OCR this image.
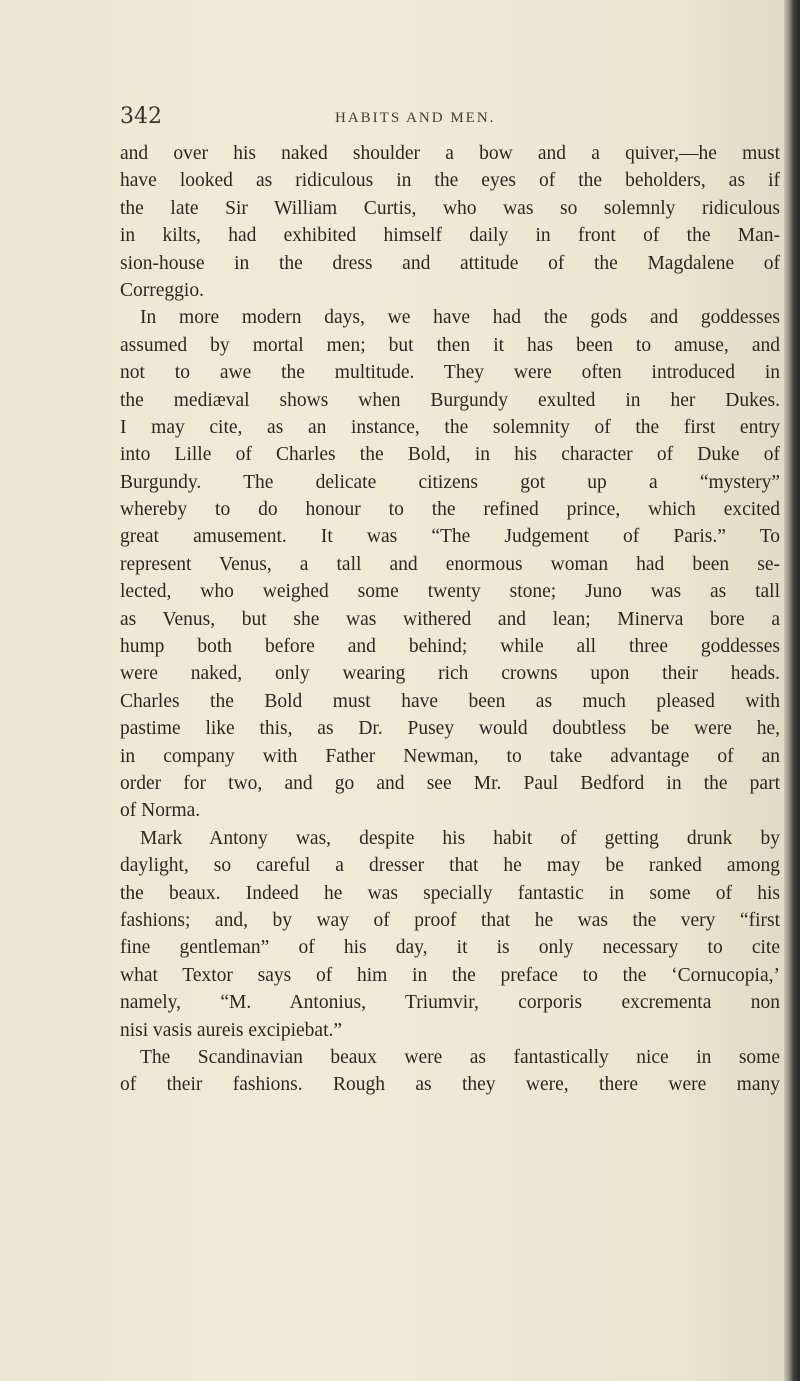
342	HABITS AND MEN.
and over his naked shoulder a bow and a quiver,—he must
have looked as ridiculous in the eyes of the beholders, as if
the late Sir William Curtis, who was so solemnly ridiculous
in kilts, had exhibited himself daily in front of the Man-
sion-house in the dress and attitude of the Magdalene of
Correggio.
In more modern days, we have had the gods and goddesses
assumed by mortal men; but then it has been to amuse, and
not to awe the multitude. They were often introduced in
the mediæval shows when Burgundy exulted in her Dukes.
I may cite, as an instance, the solemnity of the first entry
into Lille of Charles the Bold, in his character of Duke of
Burgundy. The delicate citizens got up a “mystery”
whereby to do honour to the refined prince, which excited
great amusement. It was “The Judgement of Paris.” To
represent Venus, a tall and enormous woman had been se-
lected, who weighed some twenty stone; Juno was as tall
as Venus, but she was withered and lean; Minerva bore a
hump both before and behind; while all three goddesses
were naked, only wearing rich crowns upon their heads.
Charles the Bold must have been as much pleased with
pastime like this, as Dr. Pusey would doubtless be were he,
in company with Father Newman, to take advantage of an
order for two, and go and see Mr. Paul Bedford in the part
of Norma.
Mark Antony was, despite his habit of getting drunk by
daylight, so careful a dresser that he may be ranked among
the beaux. Indeed he was specially fantastic in some of his
fashions; and, by way of proof that he was the very “first
fine gentleman” of his day, it is only necessary to cite
what Textor says of him in the preface to the ‘Cornucopia,’
namely, “M. Antonius, Triumvir, corporis excrementa non
nisi vasis aureis excipiebat.”
The Scandinavian beaux were as fantastically nice in some
of their fashions. Rough as they were, there were many
